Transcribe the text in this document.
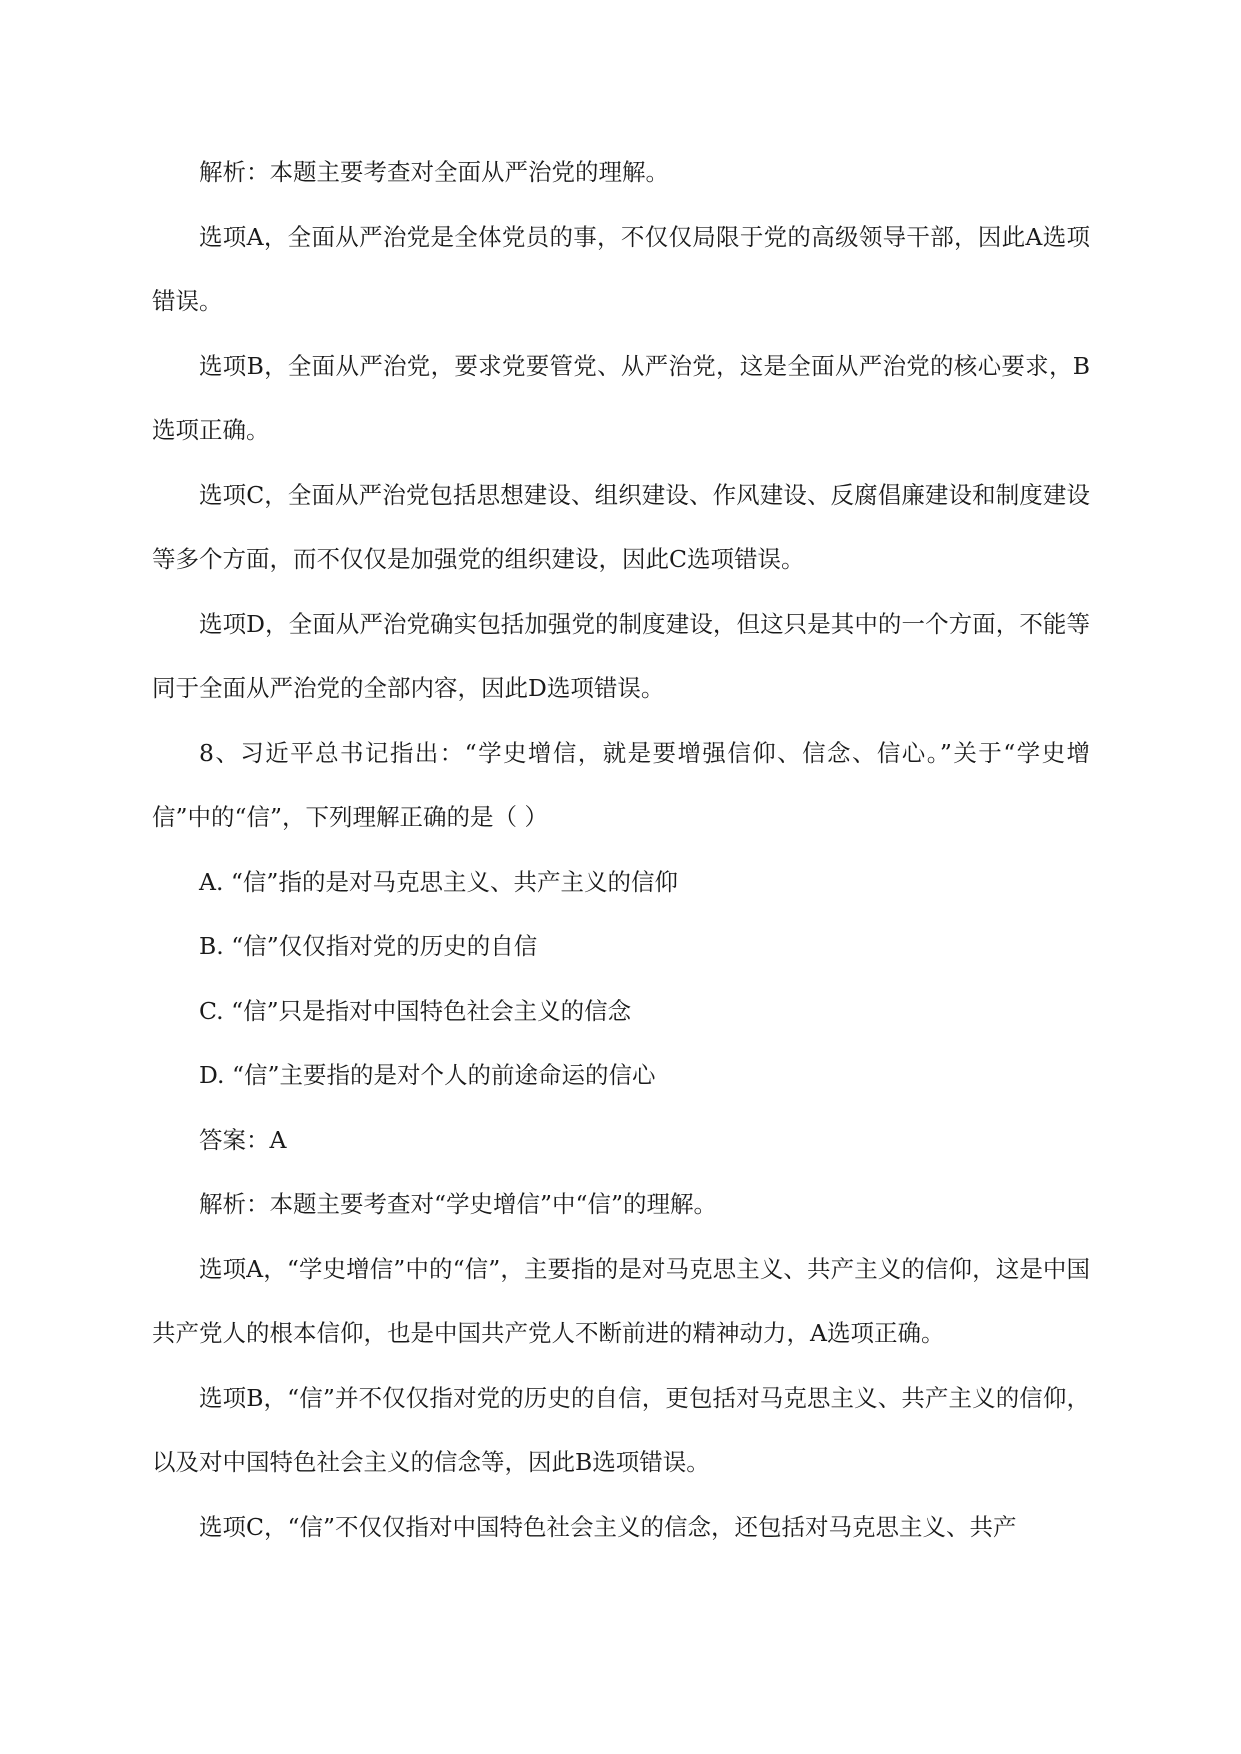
解析：本题主要考查对全面从严治党的理解。

选项A，全面从严治党是全体党员的事，不仅仅局限于党的高级领导干部，因此A选项错误。

选项B，全面从严治党，要求党要管党、从严治党，这是全面从严治党的核心要求，B选项正确。

选项C，全面从严治党包括思想建设、组织建设、作风建设、反腐倡廉建设和制度建设等多个方面，而不仅仅是加强党的组织建设，因此C选项错误。

选项D，全面从严治党确实包括加强党的制度建设，但这只是其中的一个方面，不能等同于全面从严治党的全部内容，因此D选项错误。

8、习近平总书记指出：“学史增信，就是要增强信仰、信念、信心。”关于“学史增信”中的“信”，下列理解正确的是（ ）

A. “信”指的是对马克思主义、共产主义的信仰

B. “信”仅仅指对党的历史的自信

C. “信”只是指对中国特色社会主义的信念

D. “信”主要指的是对个人的前途命运的信心

答案：A

解析：本题主要考查对“学史增信”中“信”的理解。

选项A，“学史增信”中的“信”，主要指的是对马克思主义、共产主义的信仰，这是中国共产党人的根本信仰，也是中国共产党人不断前进的精神动力，A选项正确。

选项B，“信”并不仅仅指对党的历史的自信，更包括对马克思主义、共产主义的信仰，以及对中国特色社会主义的信念等，因此B选项错误。

选项C，“信”不仅仅指对中国特色社会主义的信念，还包括对马克思主义、共产
